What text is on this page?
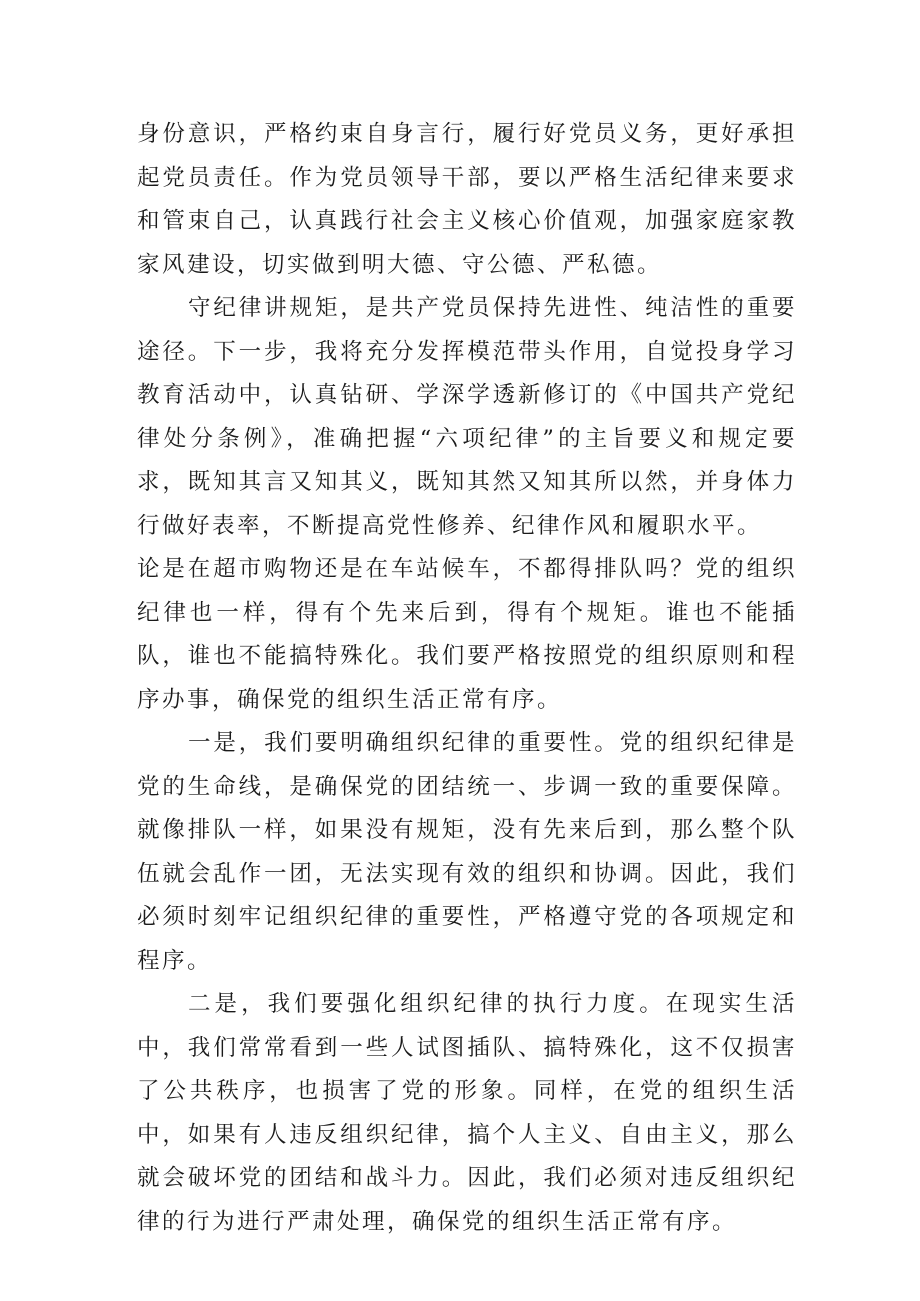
身份意识，严格约束自身言行，履行好党员义务，更好承担起党员责任。作为党员领导干部，要以严格生活纪律来要求和管束自己，认真践行社会主义核心价值观，加强家庭家教家风建设，切实做到明大德、守公德、严私德。

守纪律讲规矩，是共产党员保持先进性、纯洁性的重要途径。下一步，我将充分发挥模范带头作用，自觉投身学习教育活动中，认真钻研、学深学透新修订的《中国共产党纪律处分条例》，准确把握“六项纪律”的主旨要义和规定要求，既知其言又知其义，既知其然又知其所以然，并身体力行做好表率，不断提高党性修养、纪律作风和履职水平。

论是在超市购物还是在车站候车，不都得排队吗？党的组织纪律也一样，得有个先来后到，得有个规矩。谁也不能插队，谁也不能搞特殊化。我们要严格按照党的组织原则和程序办事，确保党的组织生活正常有序。

一是，我们要明确组织纪律的重要性。党的组织纪律是党的生命线，是确保党的团结统一、步调一致的重要保障。就像排队一样，如果没有规矩，没有先来后到，那么整个队伍就会乱作一团，无法实现有效的组织和协调。因此，我们必须时刻牢记组织纪律的重要性，严格遵守党的各项规定和程序。

二是，我们要强化组织纪律的执行力度。在现实生活中，我们常常看到一些人试图插队、搞特殊化，这不仅损害了公共秩序，也损害了党的形象。同样，在党的组织生活中，如果有人违反组织纪律，搞个人主义、自由主义，那么就会破坏党的团结和战斗力。因此，我们必须对违反组织纪律的行为进行严肃处理，确保党的组织生活正常有序。
